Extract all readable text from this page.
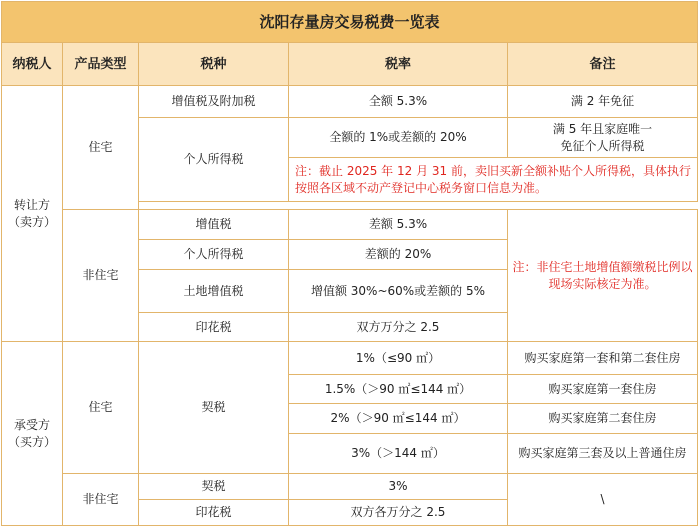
沈阳存量房交易税费一览表				
纳税人	产品类型	税种	税率	备注

转让方
（卖方）	住宅	增值税及附加税	全额 5.3%	满 2 年免征
		个人所得税	全额的 1%或差额的 20%	满 5 年且家庭唯一
免征个人所得税

			注：截止 2025 年 12 月 31 前，卖旧买新全额补贴个人所得税，具体执行按照各区域不动产登记中心税务窗口信息为准。	

	非住宅	增值税	差额 5.3%	注：非住宅土地增值额缴税比例以现场实际核定为准。
		个人所得税	差额的 20%	
		土地增值税	增值额 30%~60%或差额的 5%	
		印花税	双方万分之 2.5	

承受方
（买方）	住宅	契税	1%（≤90 ㎡）	购买家庭第一套和第二套住房
			1.5%（＞90 ㎡≤144 ㎡）	购买家庭第一套住房
			2%（＞90 ㎡≤144 ㎡）	购买家庭第二套住房
			3%（＞144 ㎡）	购买家庭第三套及以上普通住房
	非住宅	契税	3%	\
		印花税	双方各万分之 2.5	
